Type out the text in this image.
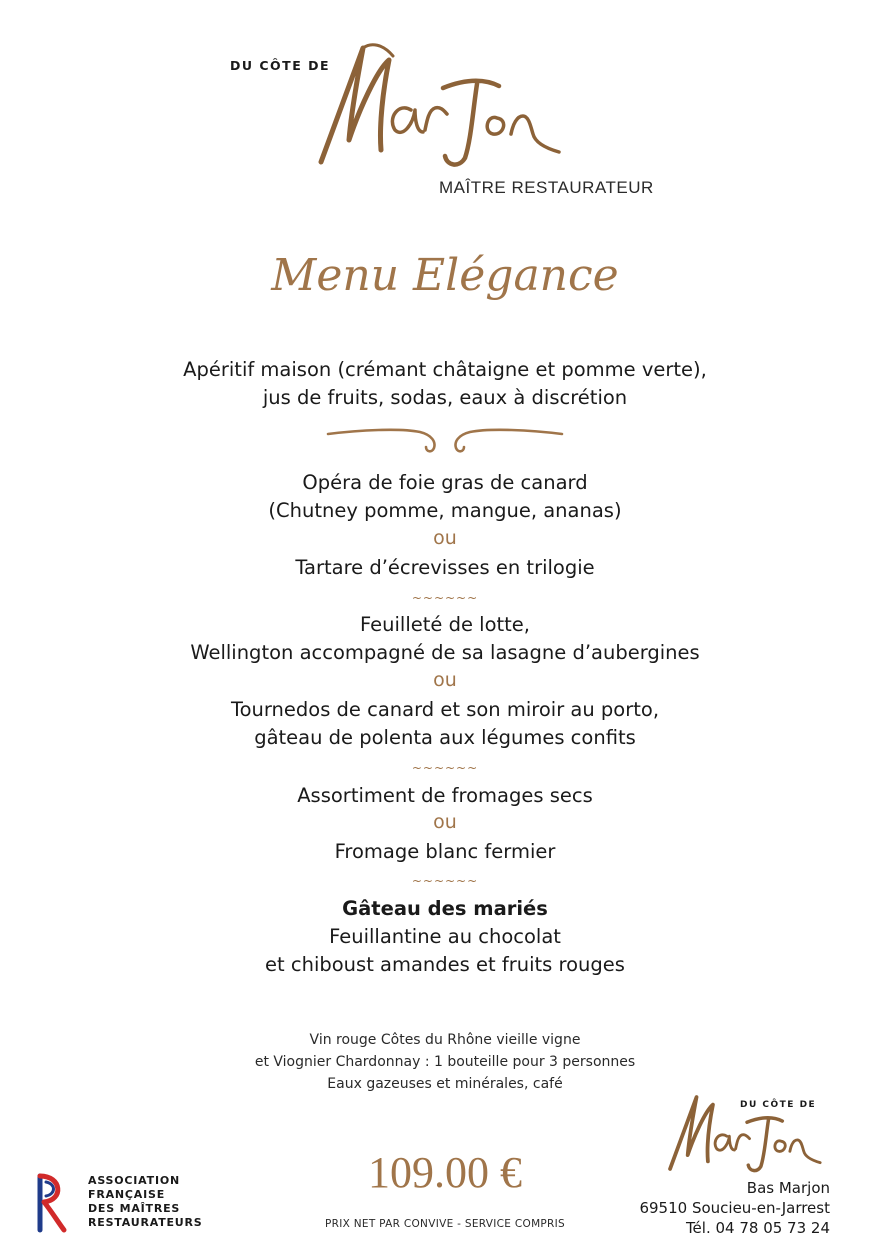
DU CÔTE DE
MAÎTRE RESTAURATEUR
Menu Elégance
Apéritif maison (crémant châtaigne et pomme verte),
jus de fruits, sodas, eaux à discrétion
Opéra de foie gras de canard
(Chutney pomme, mangue, ananas)
ou
Tartare d’écrevisses en trilogie
~~~~~~
Feuilleté de lotte,
Wellington accompagné de sa lasagne d’aubergines
ou
Tournedos de canard et son miroir au porto,
gâteau de polenta aux légumes confits
~~~~~~
Assortiment de fromages secs
ou
Fromage blanc fermier
~~~~~~
Gâteau des mariés
Feuillantine au chocolat
et chiboust amandes et fruits rouges
Vin rouge Côtes du Rhône vieille vigne
et Viognier Chardonnay : 1 bouteille pour 3 personnes
Eaux gazeuses et minérales, café
ASSOCIATION
FRANÇAISE
DES MAÎTRES
RESTAURATEURS
109.00 €
PRIX NET PAR CONVIVE - SERVICE COMPRIS
DU CÔTE DE
Bas Marjon
69510 Soucieu-en-Jarrest
Tél. 04 78 05 73 24
